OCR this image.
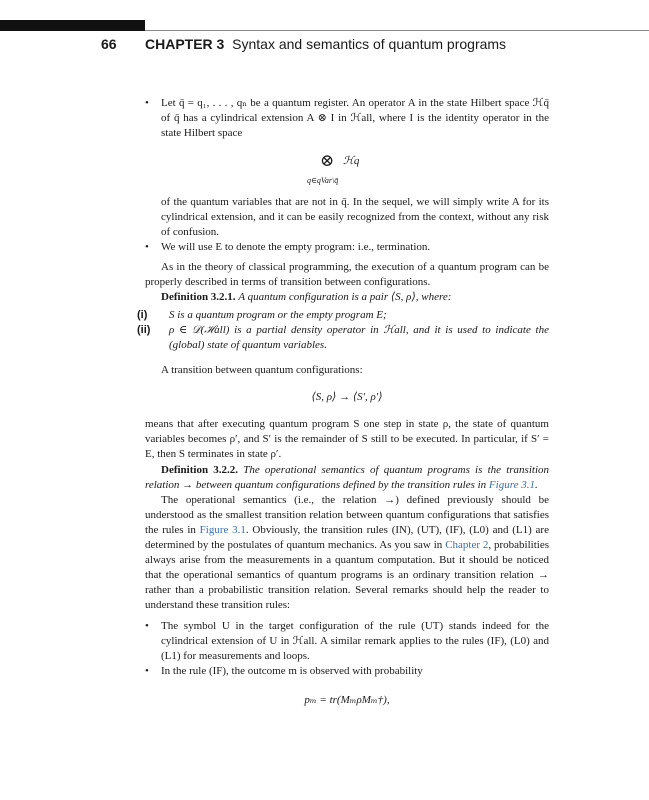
66 CHAPTER 3 Syntax and semantics of quantum programs
• Let q̄ = q₁, . . . , qₙ be a quantum register. An operator A in the state Hilbert space ℋq̄ of q̄ has a cylindrical extension A ⊗ I in ℋall, where I is the identity operator in the state Hilbert space

⊗ ℋq
q∈qVar\q̄

of the quantum variables that are not in q̄. In the sequel, we will simply write A for its cylindrical extension, and it can be easily recognized from the context, without any risk of confusion.

• We will use E to denote the empty program: i.e., termination.

As in the theory of classical programming, the execution of a quantum program can be properly described in terms of transition between configurations.

Definition 3.2.1. A quantum configuration is a pair ⟨S, ρ⟩, where:

(i) S is a quantum program or the empty program E;
(ii) ρ ∈ 𝒟(ℋall) is a partial density operator in ℋall, and it is used to indicate the (global) state of quantum variables.

A transition between quantum configurations:

⟨S, ρ⟩ → ⟨S′, ρ′⟩

means that after executing quantum program S one step in state ρ, the state of quantum variables becomes ρ′, and S′ is the remainder of S still to be executed. In particular, if S′ = E, then S terminates in state ρ′.

Definition 3.2.2. The operational semantics of quantum programs is the transition relation → between quantum configurations defined by the transition rules in Figure 3.1.

The operational semantics (i.e., the relation →) defined previously should be understood as the smallest transition relation between quantum configurations that satisfies the rules in Figure 3.1. Obviously, the transition rules (IN), (UT), (IF), (L0) and (L1) are determined by the postulates of quantum mechanics. As you saw in Chapter 2, probabilities always arise from the measurements in a quantum computation. But it should be noticed that the operational semantics of quantum programs is an ordinary transition relation → rather than a probabilistic transition relation. Several remarks should help the reader to understand these transition rules:

• The symbol U in the target configuration of the rule (UT) stands indeed for the cylindrical extension of U in ℋall. A similar remark applies to the rules (IF), (L0) and (L1) for measurements and loops.

• In the rule (IF), the outcome m is observed with probability

pₘ = tr(MₘρMₘ†),
